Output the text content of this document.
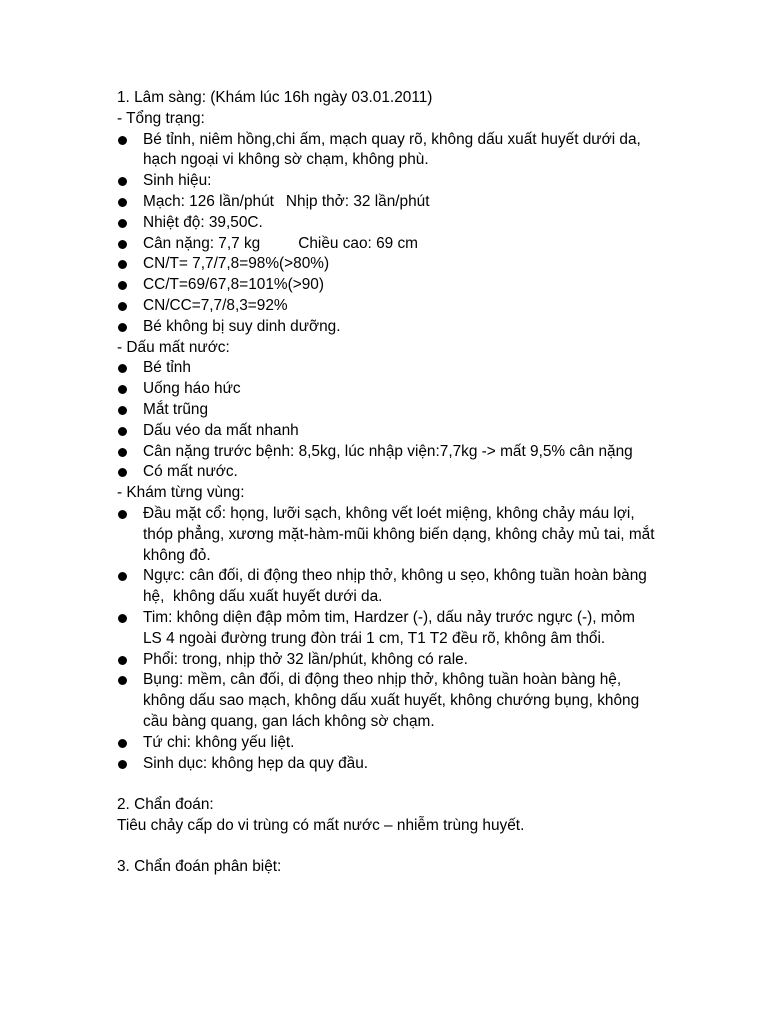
1. Lâm sàng: (Khám lúc 16h ngày 03.01.2011)
- Tổng trạng:
Bé tỉnh, niêm hồng,chi ấm, mạch quay rõ, không dấu xuất huyết dưới da, hạch ngoại vi không sờ chạm, không phù.
Sinh hiệu:
Mạch: 126 lần/phút Nhịp thở: 32 lần/phút
Nhiệt độ: 39,50C.
Cân nặng: 7,7 kg Chiều cao: 69 cm
CN/T= 7,7/7,8=98%(>80%)
CC/T=69/67,8=101%(>90)
CN/CC=7,7/8,3=92%
Bé không bị suy dinh dưỡng.
- Dấu mất nước:
Bé tỉnh
Uống háo hức
Mắt trũng
Dấu véo da mất nhanh
Cân nặng trước bệnh: 8,5kg, lúc nhập viện:7,7kg -> mất 9,5% cân nặng
Có mất nước.
- Khám từng vùng:
Đầu mặt cổ: họng, lưỡi sạch, không vết loét miệng, không chảy máu lợi, thóp phẳng, xương mặt-hàm-mũi không biến dạng, không chảy mủ tai, mắt không đỏ.
Ngực: cân đối, di động theo nhịp thở, không u sẹo, không tuần hoàn bàng hệ,  không dấu xuất huyết dưới da.
Tim: không diện đập mỏm tim, Hardzer (-), dấu nảy trước ngực (-), mỏm LS 4 ngoài đường trung đòn trái 1 cm, T1 T2 đều rõ, không âm thổi.
Phổi: trong, nhịp thở 32 lần/phút, không có rale.
Bụng: mềm, cân đối, di động theo nhịp thở, không tuần hoàn bàng hệ, không dấu sao mạch, không dấu xuất huyết, không chướng bụng, không cầu bàng quang, gan lách không sờ chạm.
Tứ chi: không yếu liệt.
Sinh dục: không hẹp da quy đầu.
2. Chẩn đoán:
Tiêu chảy cấp do vi trùng có mất nước – nhiễm trùng huyết.
3. Chẩn đoán phân biệt:
